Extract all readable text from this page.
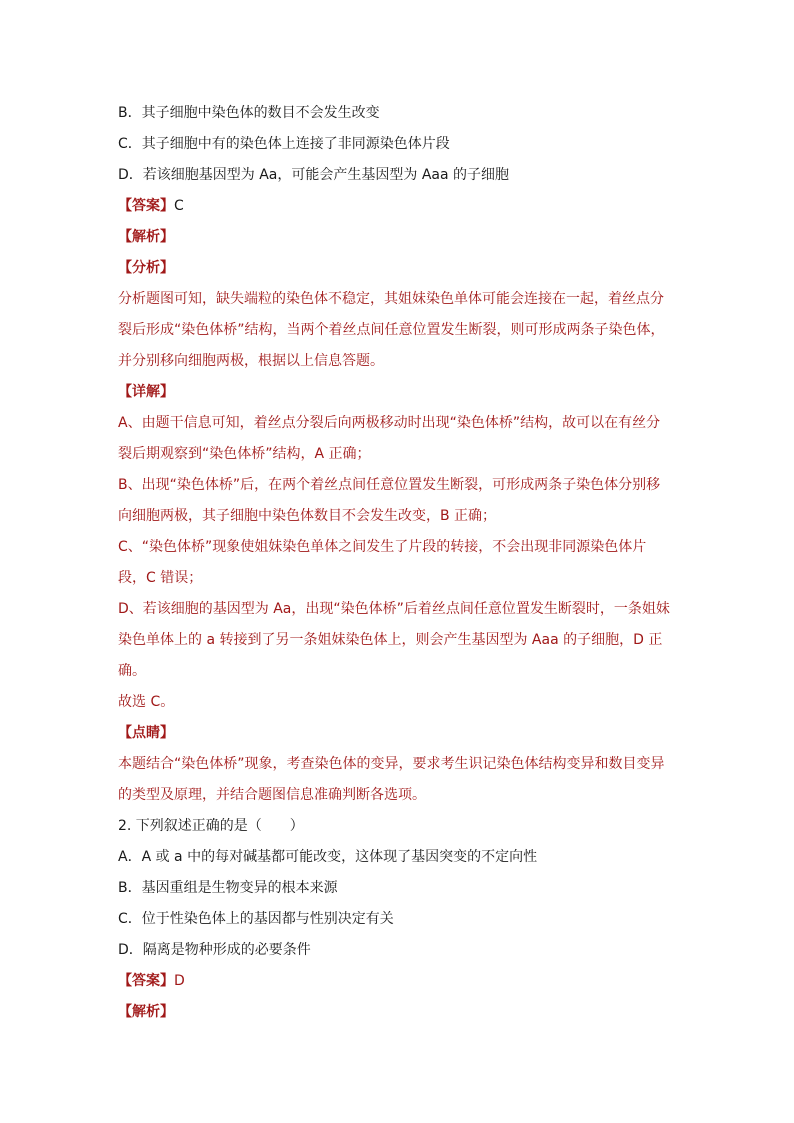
B．其子细胞中染色体的数目不会发生改变
C．其子细胞中有的染色体上连接了非同源染色体片段
D．若该细胞基因型为 Aa，可能会产生基因型为 Aaa 的子细胞
【答案】C
【解析】
【分析】
分析题图可知，缺失端粒的染色体不稳定，其姐妹染色单体可能会连接在一起，着丝点分
裂后形成“染色体桥”结构，当两个着丝点间任意位置发生断裂，则可形成两条子染色体，
并分别移向细胞两极，根据以上信息答题。
【详解】
A、由题干信息可知，着丝点分裂后向两极移动时出现“染色体桥”结构，故可以在有丝分
裂后期观察到“染色体桥”结构，A 正确；
B、出现“染色体桥”后，在两个着丝点间任意位置发生断裂，可形成两条子染色体分别移
向细胞两极，其子细胞中染色体数目不会发生改变，B 正确；
C、“染色体桥”现象使姐妹染色单体之间发生了片段的转接，不会出现非同源染色体片
段，C 错误；
D、若该细胞的基因型为 Aa，出现“染色体桥”后着丝点间任意位置发生断裂时，一条姐妹
染色单体上的 a 转接到了另一条姐妹染色体上，则会产生基因型为 Aaa 的子细胞，D 正
确。
故选 C。
【点睛】
本题结合“染色体桥”现象，考查染色体的变异，要求考生识记染色体结构变异和数目变异
的类型及原理，并结合题图信息准确判断各选项。
2. 下列叙述正确的是（　　）
A．A 或 a 中的每对碱基都可能改变，这体现了基因突变的不定向性
B．基因重组是生物变异的根本来源
C．位于性染色体上的基因都与性别决定有关
D．隔离是物种形成的必要条件
【答案】D
【解析】
